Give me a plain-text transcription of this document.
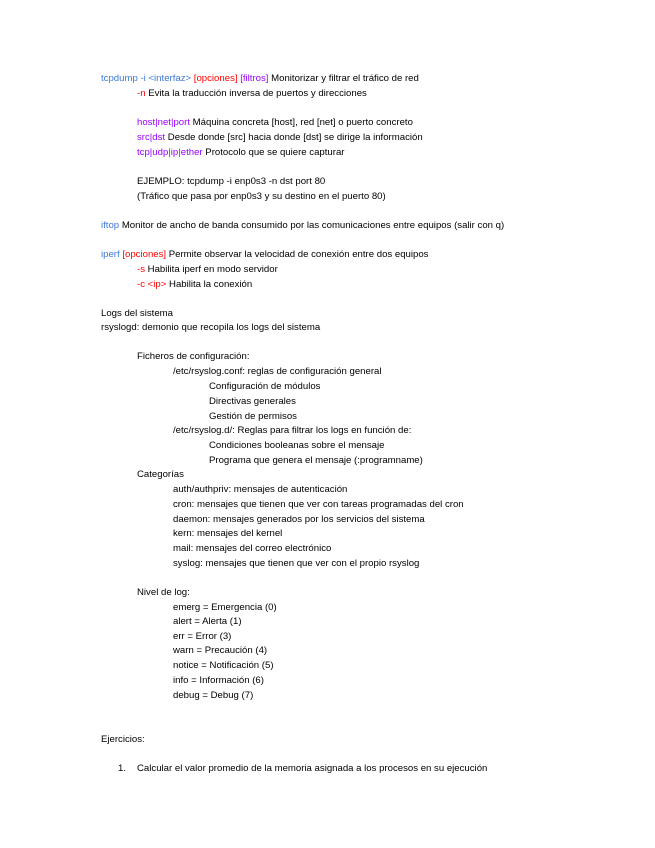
tcpdump -i <interfaz> [opciones] [filtros] Monitorizar y filtrar el tráfico de red
-n Evita la traducción inversa de puertos y direcciones
host|net|port Máquina concreta [host], red [net] o puerto concreto
src|dst Desde donde [src] hacia donde [dst] se dirige la información
tcp|udp|ip|ether Protocolo que se quiere capturar
EJEMPLO: tcpdump -i enp0s3 -n dst port 80
(Tráfico que pasa por enp0s3 y su destino en el puerto 80)
iftop Monitor de ancho de banda consumido por las comunicaciones entre equipos (salir con q)
iperf [opciones] Permite observar la velocidad de conexión entre dos equipos
-s Habilita iperf en modo servidor
-c <ip> Habilita la conexión
Logs del sistema
rsyslogd: demonio que recopila los logs del sistema
Ficheros de configuración:
/etc/rsyslog.conf: reglas de configuración general
Configuración de módulos
Directivas generales
Gestión de permisos
/etc/rsyslog.d/: Reglas para filtrar los logs en función de:
Condiciones booleanas sobre el mensaje
Programa que genera el mensaje (:programname)
Categorías
auth/authpriv: mensajes de autenticación
cron: mensajes que tienen que ver con tareas programadas del cron
daemon: mensajes generados por los servicios del sistema
kern: mensajes del kernel
mail: mensajes del correo electrónico
syslog: mensajes que tienen que ver con el propio rsyslog
Nivel de log:
emerg = Emergencia (0)
alert = Alerta (1)
err = Error (3)
warn = Precaución (4)
notice = Notificación (5)
info = Información (6)
debug = Debug (7)
Ejercicios:
1. Calcular el valor promedio de la memoria asignada a los procesos en su ejecución
